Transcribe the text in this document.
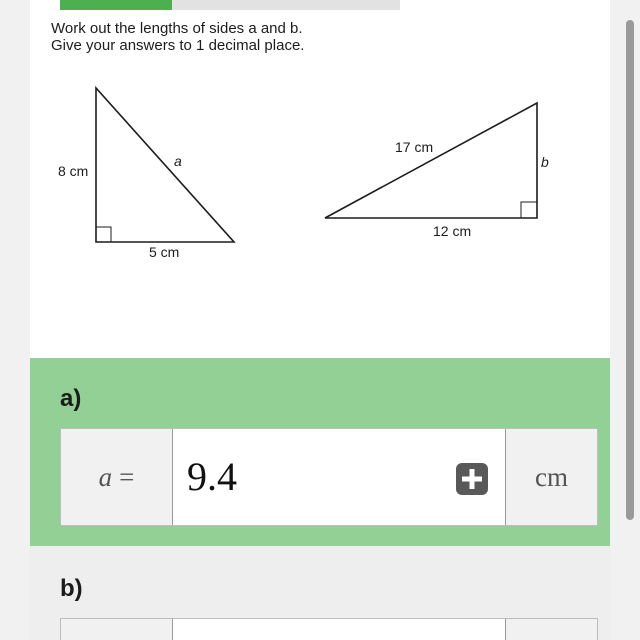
Work out the lengths of sides a and b.
Give your answers to 1 decimal place.
8 cm
5 cm
a
17 cm
b
12 cm
a)
a = 9.4	cm
b)
